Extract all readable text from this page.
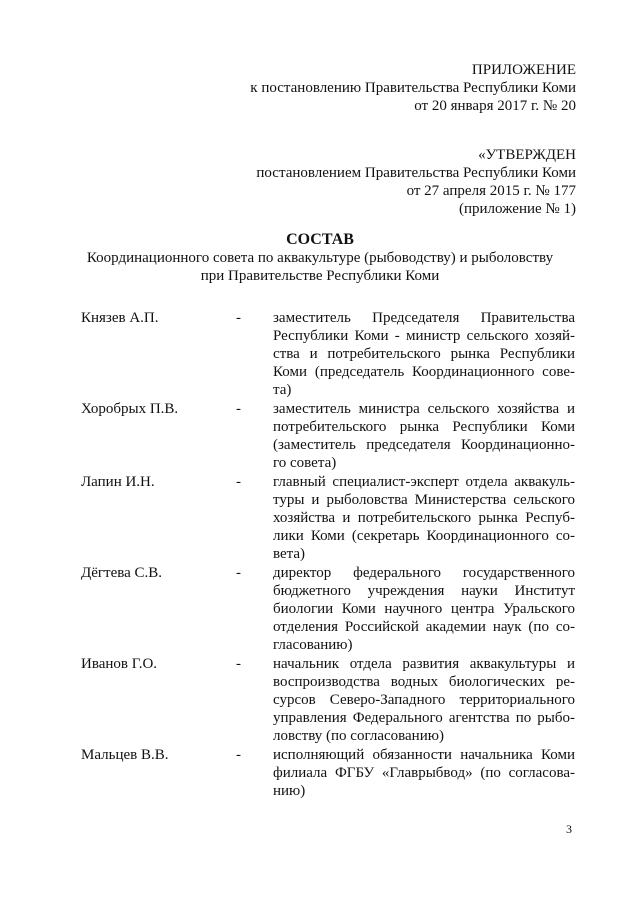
ПРИЛОЖЕНИЕ
к постановлению Правительства Республики Коми
от 20 января 2017 г. № 20
«УТВЕРЖДЕН
постановлением Правительства Республики Коми
от 27 апреля 2015 г. № 177
(приложение № 1)
СОСТАВ
Координационного совета по аквакультуре (рыбоводству) и рыболовству
при Правительстве Республики Коми
Князев А.П.	- заместитель Председателя Правительства
Республики Коми - министр сельского хозяй-
ства и потребительского рынка Республики
Коми (председатель Координационного сове-
та)
Хоробрых П.В.	- заместитель министра сельского хозяйства и
потребительского рынка Республики Коми
(заместитель председателя Координационно-
го совета)
Лапин И.Н.	- главный специалист-эксперт отдела аквакуль-
туры и рыболовства Министерства сельского
хозяйства и потребительского рынка Респуб-
лики Коми (секретарь Координационного со-
вета)
Дёгтева С.В.	- директор федерального государственного
бюджетного учреждения науки Институт
биологии Коми научного центра Уральского
отделения Российской академии наук (по со-
гласованию)
Иванов Г.О.	- начальник отдела развития аквакультуры и
воспроизводства водных биологических ре-
сурсов Северо-Западного территориального
управления Федерального агентства по рыбо-
ловству (по согласованию)
Мальцев В.В.	- исполняющий обязанности начальника Коми
филиала ФГБУ «Главрыбвод» (по согласова-
нию)
3
